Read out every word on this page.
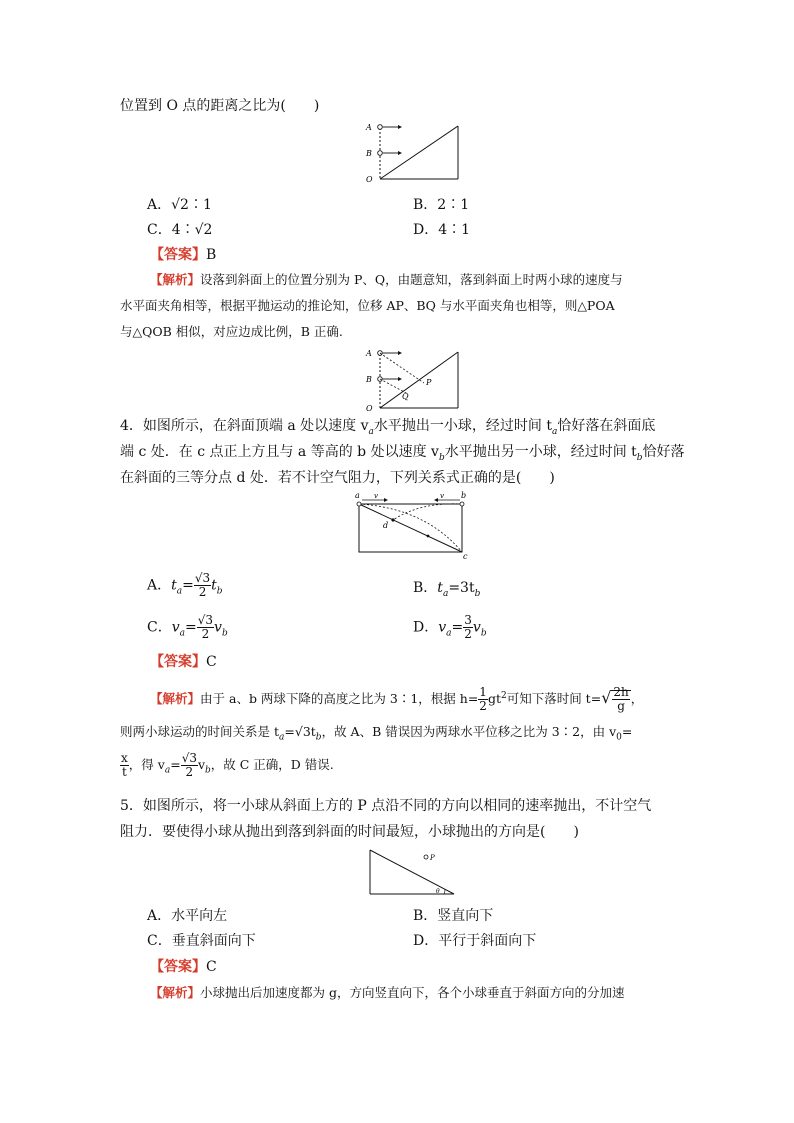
位置到 O 点的距离之比为(　　)
A
B
O
A．√2∶1	B．2∶1
C．4∶√2	D．4∶1
【答案】B
【解析】设落到斜面上的位置分别为 P、Q，由题意知，落到斜面上时两小球的速度与
水平面夹角相等，根据平抛运动的推论知，位移 AP、BQ 与水平面夹角也相等，则△POA
与△QOB 相似，对应边成比例，B 正确.
A
B
O
P
Q
4．如图所示，在斜面顶端 a 处以速度 $v_a$水平抛出一小球，经过时间 $t_a$恰好落在斜面底
端 c 处．在 c 点正上方且与 a 等高的 b 处以速度 $v_b$水平抛出另一小球，经过时间 $t_b$恰好落
在斜面的三等分点 d 处．若不计空气阻力，下列关系式正确的是(　　)
a	b
c
d
v	v
A．$t_a= \frac{√3}{2} t_b$	B．$t_a=3t_b$
C．$v_a= \frac{√3}{2} v_b$	D．$v_a= \frac{3}{2} v_b$
【答案】C
【解析】由于 a、b 两球下降的高度之比为 3∶1，根据 $h= \frac{1}{2} gt^2$可知下落时间 $t=√ \frac{2h}{g}$ ，
则两小球运动的时间关系是 $t_a=√3t_b$，故 A、B 错误因为两球水平位移之比为 3∶2，由 $v_0=$
$\frac{x}{t}$ ，得 $v_a= \frac{√3}{2} v_b$，故 C 正确，D 错误.
5．如图所示，将一小球从斜面上方的 P 点沿不同的方向以相同的速率抛出，不计空气
阻力．要使得小球从抛出到落到斜面的时间最短，小球抛出的方向是(　　)
P
θ
A．水平向左	B．竖直向下
C．垂直斜面向下	D．平行于斜面向下
【答案】C
【解析】小球抛出后加速度都为 g，方向竖直向下，各个小球垂直于斜面方向的分加速
